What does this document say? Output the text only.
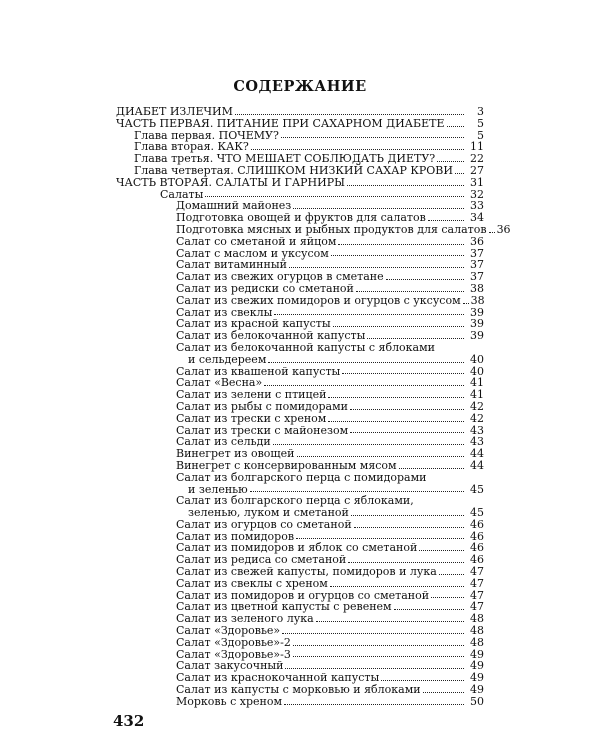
СОДЕРЖАНИЕ
ДИАБЕТ ИЗЛЕЧИМ	3
ЧАСТЬ ПЕРВАЯ. ПИТАНИЕ ПРИ САХАРНОМ ДИАБЕТЕ	5
Глава первая. ПОЧЕМУ?	5
Глава вторая. КАК?	11
Глава третья. ЧТО МЕШАЕТ СОБЛЮДАТЬ ДИЕТУ?	22
Глава четвертая. СЛИШКОМ НИЗКИЙ САХАР КРОВИ	27
ЧАСТЬ ВТОРАЯ. САЛАТЫ И ГАРНИРЫ	31
Салаты	32
Домашний майонез	33
Подготовка овощей и фруктов для салатов	34
Подготовка мясных и рыбных продуктов для салатов 36
Салат со сметаной и яйцом	36
Салат с маслом и уксусом	37
Салат витаминный	37
Салат из свежих огурцов в сметане	37
Салат из редиски со сметаной	38
Салат из свежих помидоров и огурцов с уксусом 38
Салат из свеклы	39
Салат из красной капусты	39
Салат из белокочанной капусты	39
Салат из белокочанной капусты с яблоками
и сельдереем	40
Салат из квашеной капусты	40
Салат «Весна»	41
Салат из зелени с птицей	41
Салат из рыбы с помидорами	42
Салат из трески с хреном	42
Салат из трески с майонезом	43
Салат из сельди	43
Винегрет из овощей	44
Винегрет с консервированным мясом	44
Салат из болгарского перца с помидорами
и зеленью	45
Салат из болгарского перца с яблоками,
зеленью, луком и сметаной	45
Салат из огурцов со сметаной	46
Салат из помидоров	46
Салат из помидоров и яблок со сметаной	46
Салат из редиса со сметаной	46
Салат из свежей капусты, помидоров и лука	47
Салат из свеклы с хреном	47
Салат из помидоров и огурцов со сметаной	47
Салат из цветной капусты с ревенем	47
Салат из зеленого лука	48
Салат «Здоровье»	48
Салат «Здоровье»-2	48
Салат «Здоровье»-3	49
Салат закусочный	49
Салат из краснокочанной капусты	49
Салат из капусты с морковью и яблоками	49
Морковь с хреном	50
432
